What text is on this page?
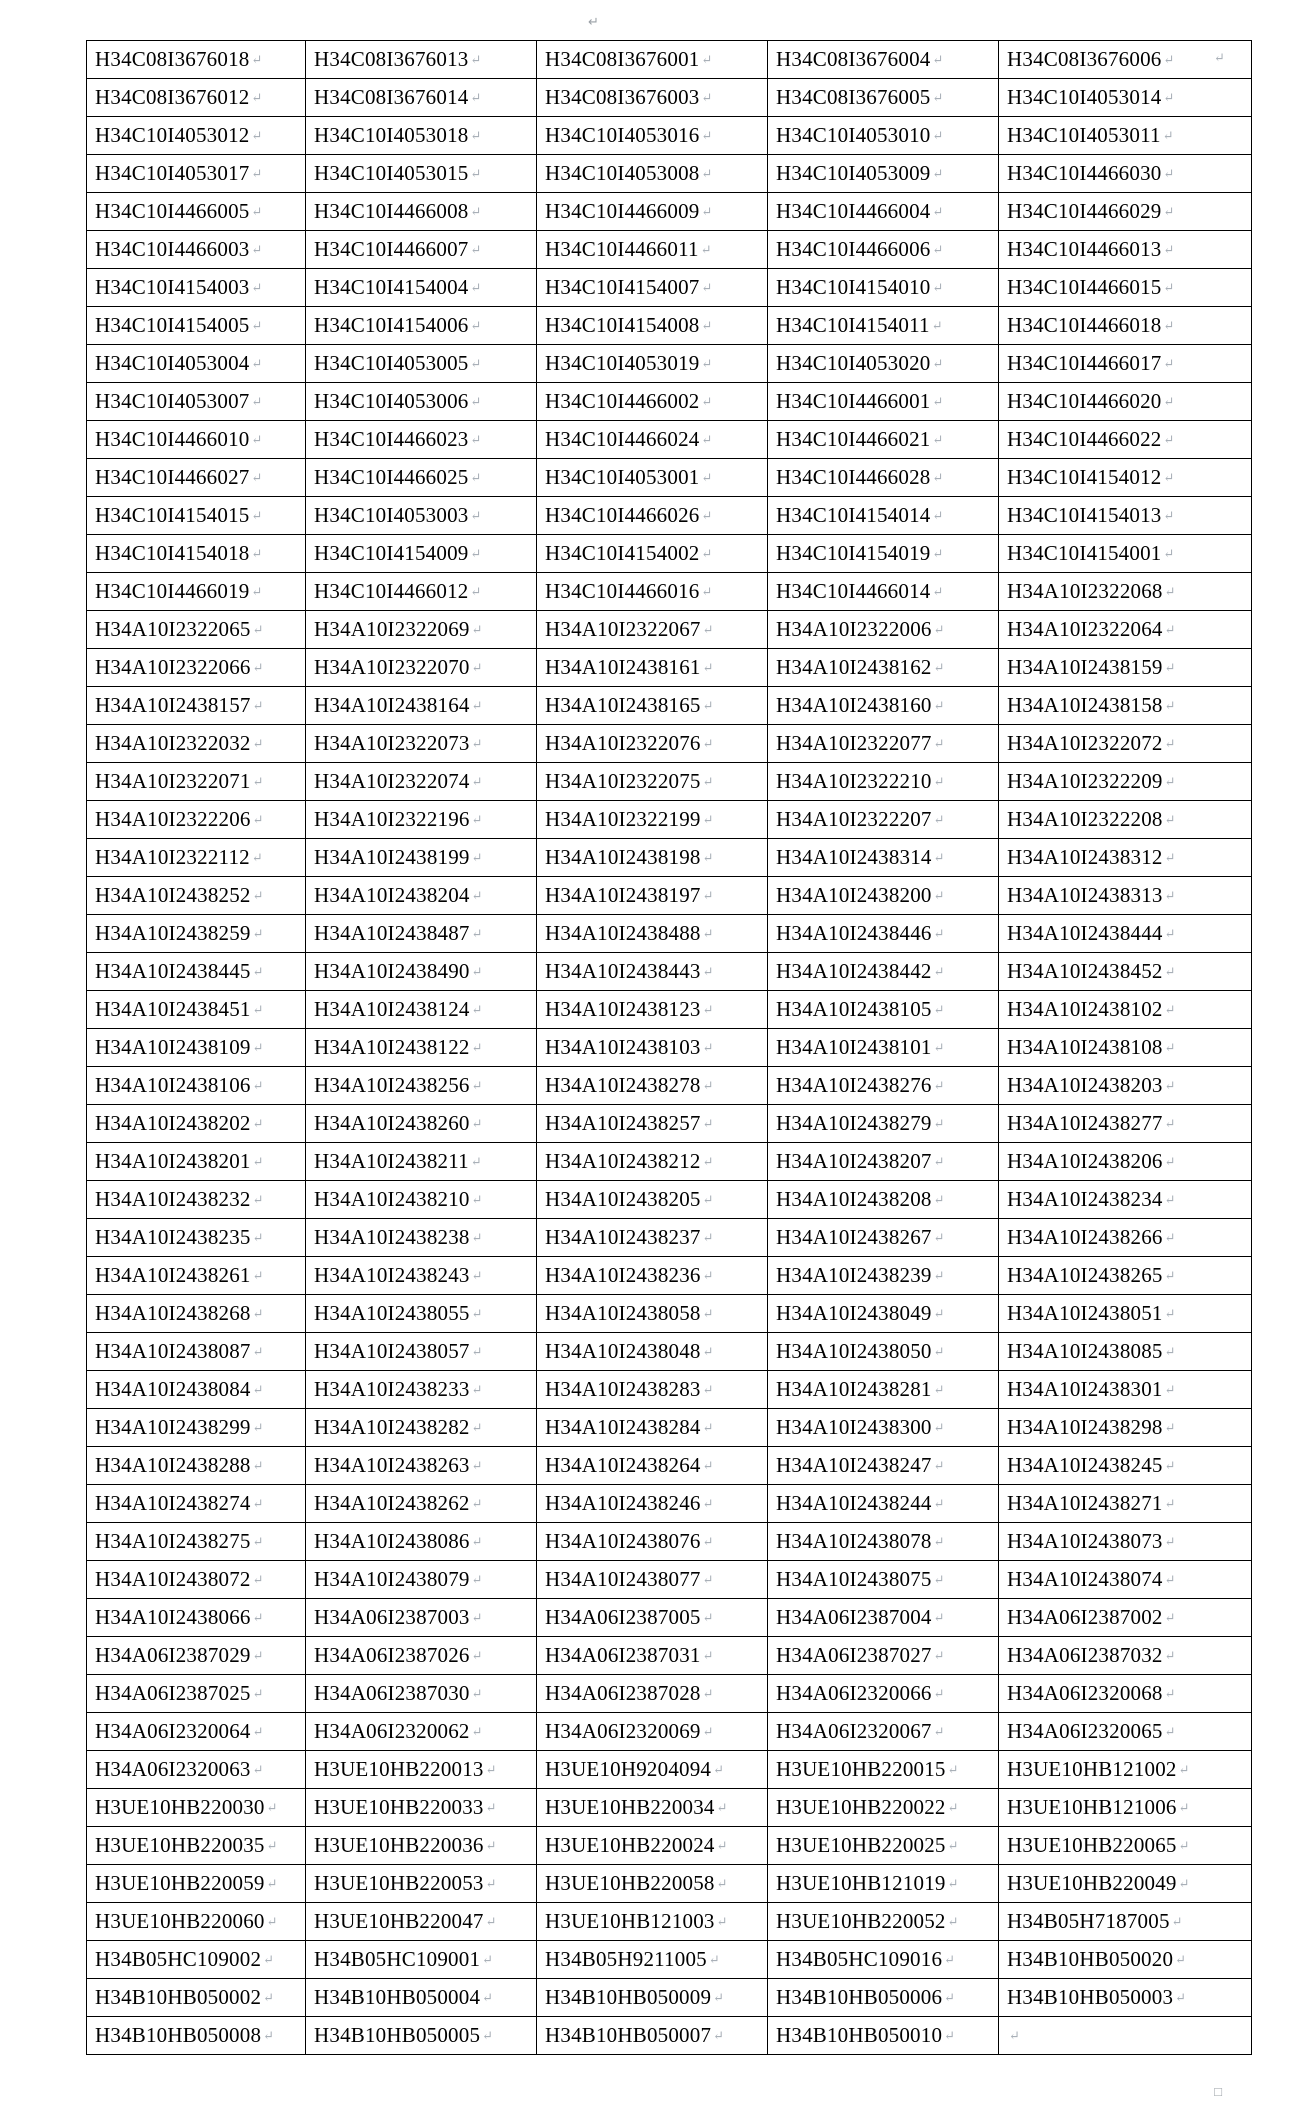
↵
H34C08I3676018 ↵	H34C08I3676013 ↵	H34C08I3676001 ↵	H34C08I3676004 ↵	H34C08I3676006 ↵
H34C08I3676012 ↵	H34C08I3676014 ↵	H34C08I3676003 ↵	H34C08I3676005 ↵	H34C10I4053014 ↵
H34C10I4053012 ↵	H34C10I4053018 ↵	H34C10I4053016 ↵	H34C10I4053010 ↵	H34C10I4053011 ↵
H34C10I4053017 ↵	H34C10I4053015 ↵	H34C10I4053008 ↵	H34C10I4053009 ↵	H34C10I4466030 ↵
H34C10I4466005 ↵	H34C10I4466008 ↵	H34C10I4466009 ↵	H34C10I4466004 ↵	H34C10I4466029 ↵
H34C10I4466003 ↵	H34C10I4466007 ↵	H34C10I4466011 ↵	H34C10I4466006 ↵	H34C10I4466013 ↵
H34C10I4154003 ↵	H34C10I4154004 ↵	H34C10I4154007 ↵	H34C10I4154010 ↵	H34C10I4466015 ↵
H34C10I4154005 ↵	H34C10I4154006 ↵	H34C10I4154008 ↵	H34C10I4154011 ↵	H34C10I4466018 ↵
H34C10I4053004 ↵	H34C10I4053005 ↵	H34C10I4053019 ↵	H34C10I4053020 ↵	H34C10I4466017 ↵
H34C10I4053007 ↵	H34C10I4053006 ↵	H34C10I4466002 ↵	H34C10I4466001 ↵	H34C10I4466020 ↵
H34C10I4466010 ↵	H34C10I4466023 ↵	H34C10I4466024 ↵	H34C10I4466021 ↵	H34C10I4466022 ↵
H34C10I4466027 ↵	H34C10I4466025 ↵	H34C10I4053001 ↵	H34C10I4466028 ↵	H34C10I4154012 ↵
H34C10I4154015 ↵	H34C10I4053003 ↵	H34C10I4466026 ↵	H34C10I4154014 ↵	H34C10I4154013 ↵
H34C10I4154018 ↵	H34C10I4154009 ↵	H34C10I4154002 ↵	H34C10I4154019 ↵	H34C10I4154001 ↵
H34C10I4466019 ↵	H34C10I4466012 ↵	H34C10I4466016 ↵	H34C10I4466014 ↵	H34A10I2322068 ↵
H34A10I2322065 ↵	H34A10I2322069 ↵	H34A10I2322067 ↵	H34A10I2322006 ↵	H34A10I2322064 ↵
H34A10I2322066 ↵	H34A10I2322070 ↵	H34A10I2438161 ↵	H34A10I2438162 ↵	H34A10I2438159 ↵
H34A10I2438157 ↵	H34A10I2438164 ↵	H34A10I2438165 ↵	H34A10I2438160 ↵	H34A10I2438158 ↵
H34A10I2322032 ↵	H34A10I2322073 ↵	H34A10I2322076 ↵	H34A10I2322077 ↵	H34A10I2322072 ↵
H34A10I2322071 ↵	H34A10I2322074 ↵	H34A10I2322075 ↵	H34A10I2322210 ↵	H34A10I2322209 ↵
H34A10I2322206 ↵	H34A10I2322196 ↵	H34A10I2322199 ↵	H34A10I2322207 ↵	H34A10I2322208 ↵
H34A10I2322112 ↵	H34A10I2438199 ↵	H34A10I2438198 ↵	H34A10I2438314 ↵	H34A10I2438312 ↵
H34A10I2438252 ↵	H34A10I2438204 ↵	H34A10I2438197 ↵	H34A10I2438200 ↵	H34A10I2438313 ↵
H34A10I2438259 ↵	H34A10I2438487 ↵	H34A10I2438488 ↵	H34A10I2438446 ↵	H34A10I2438444 ↵
H34A10I2438445 ↵	H34A10I2438490 ↵	H34A10I2438443 ↵	H34A10I2438442 ↵	H34A10I2438452 ↵
H34A10I2438451 ↵	H34A10I2438124 ↵	H34A10I2438123 ↵	H34A10I2438105 ↵	H34A10I2438102 ↵
H34A10I2438109 ↵	H34A10I2438122 ↵	H34A10I2438103 ↵	H34A10I2438101 ↵	H34A10I2438108 ↵
H34A10I2438106 ↵	H34A10I2438256 ↵	H34A10I2438278 ↵	H34A10I2438276 ↵	H34A10I2438203 ↵
H34A10I2438202 ↵	H34A10I2438260 ↵	H34A10I2438257 ↵	H34A10I2438279 ↵	H34A10I2438277 ↵
H34A10I2438201 ↵	H34A10I2438211 ↵	H34A10I2438212 ↵	H34A10I2438207 ↵	H34A10I2438206 ↵
H34A10I2438232 ↵	H34A10I2438210 ↵	H34A10I2438205 ↵	H34A10I2438208 ↵	H34A10I2438234 ↵
H34A10I2438235 ↵	H34A10I2438238 ↵	H34A10I2438237 ↵	H34A10I2438267 ↵	H34A10I2438266 ↵
H34A10I2438261 ↵	H34A10I2438243 ↵	H34A10I2438236 ↵	H34A10I2438239 ↵	H34A10I2438265 ↵
H34A10I2438268 ↵	H34A10I2438055 ↵	H34A10I2438058 ↵	H34A10I2438049 ↵	H34A10I2438051 ↵
H34A10I2438087 ↵	H34A10I2438057 ↵	H34A10I2438048 ↵	H34A10I2438050 ↵	H34A10I2438085 ↵
H34A10I2438084 ↵	H34A10I2438233 ↵	H34A10I2438283 ↵	H34A10I2438281 ↵	H34A10I2438301 ↵
H34A10I2438299 ↵	H34A10I2438282 ↵	H34A10I2438284 ↵	H34A10I2438300 ↵	H34A10I2438298 ↵
H34A10I2438288 ↵	H34A10I2438263 ↵	H34A10I2438264 ↵	H34A10I2438247 ↵	H34A10I2438245 ↵
H34A10I2438274 ↵	H34A10I2438262 ↵	H34A10I2438246 ↵	H34A10I2438244 ↵	H34A10I2438271 ↵
H34A10I2438275 ↵	H34A10I2438086 ↵	H34A10I2438076 ↵	H34A10I2438078 ↵	H34A10I2438073 ↵
H34A10I2438072 ↵	H34A10I2438079 ↵	H34A10I2438077 ↵	H34A10I2438075 ↵	H34A10I2438074 ↵
H34A10I2438066 ↵	H34A06I2387003 ↵	H34A06I2387005 ↵	H34A06I2387004 ↵	H34A06I2387002 ↵
H34A06I2387029 ↵	H34A06I2387026 ↵	H34A06I2387031 ↵	H34A06I2387027 ↵	H34A06I2387032 ↵
H34A06I2387025 ↵	H34A06I2387030 ↵	H34A06I2387028 ↵	H34A06I2320066 ↵	H34A06I2320068 ↵
H34A06I2320064 ↵	H34A06I2320062 ↵	H34A06I2320069 ↵	H34A06I2320067 ↵	H34A06I2320065 ↵
H34A06I2320063 ↵	H3UE10HB220013 ↵	H3UE10H9204094 ↵	H3UE10HB220015 ↵	H3UE10HB121002 ↵
H3UE10HB220030 ↵	H3UE10HB220033 ↵	H3UE10HB220034 ↵	H3UE10HB220022 ↵	H3UE10HB121006 ↵
H3UE10HB220035 ↵	H3UE10HB220036 ↵	H3UE10HB220024 ↵	H3UE10HB220025 ↵	H3UE10HB220065 ↵
H3UE10HB220059 ↵	H3UE10HB220053 ↵	H3UE10HB220058 ↵	H3UE10HB121019 ↵	H3UE10HB220049 ↵
H3UE10HB220060 ↵	H3UE10HB220047 ↵	H3UE10HB121003 ↵	H3UE10HB220052 ↵	H34B05H7187005 ↵
H34B05HC109002 ↵	H34B05HC109001 ↵	H34B05H9211005 ↵	H34B05HC109016 ↵	H34B10HB050020 ↵
H34B10HB050002 ↵	H34B10HB050004 ↵	H34B10HB050009 ↵	H34B10HB050006 ↵	H34B10HB050003 ↵
H34B10HB050008 ↵	H34B10HB050005 ↵	H34B10HB050007 ↵	H34B10HB050010 ↵	↵
↵
□
